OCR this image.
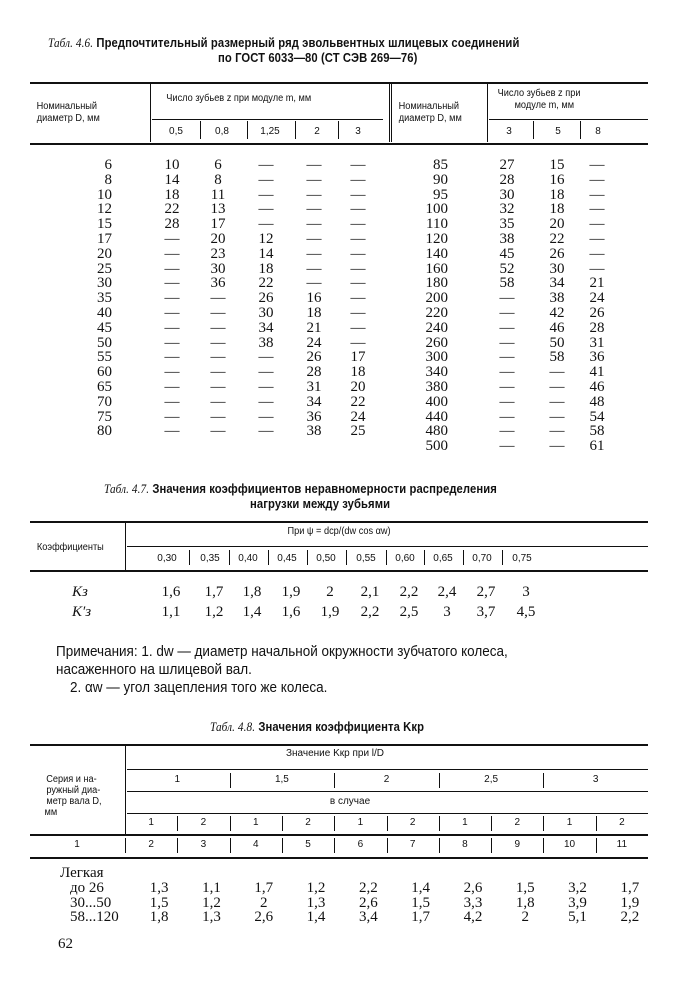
Табл. 4.6. Предпочтительный размерный ряд эвольвентных шлицевых соединений
по ГОСТ 6033—80 (СТ СЭВ 269—76)
Номинальный
диаметр D, мм
Число зубьев z при модуле m, мм
Номинальный
диаметр D, мм
Число зубьев z при
модуле m, мм
0,5	0,8	1,25	2	3	3	5	8
6	10 6 — — —
8	14 8 — — —
10	18 11 — — —
12	22 13 — — —
15	28 17 — — —
17	— 20 12 — —
20	— 23 14 — —
25	— 30 18 — —
30	— 36 22 — —
35	— — 26 16 —
40	— — 30 18 —
45	— — 34 21 —
50	— — 38 24 —
55	— — — 26 17
60	— — — 28 18
65	— — — 31 20
70	— — — 34 22
75	— — — 36 24
80	— — — 38 25
85	27 15 —
90	28 16 —
95	30 18 —
100	32 18 —
110	35 20 —
120	38 22 —
140	45 26 —
160	52 30 —
180	58 34 21
200	— 38 24
220	— 42 26
240	— 46 28
260	— 50 31
300	— 58 36
340	— — 41
380	— — 46
400	— — 48
440	— — 54
480	— — 58
500	— — 61
Табл. 4.7. Значения коэффициентов неравномерности распределения
нагрузки между зубьями
Коэффициенты
При ψ = dср/(dw cos αw)
0,30 0,35 0,40 0,45 0,50 0,55 0,60 0,65 0,70 0,75
Kз	1,6 1,7 1,8 1,9 2 2,1 2,2 2,4 2,7 3
K′з	1,1 1,2 1,4 1,6 1,9 2,2 2,5 3 3,7 4,5
Примечания: 1. dw — диаметр начальной окружности зубчатого колеса,
насаженного на шлицевой вал.
2. αw — угол зацепления того же колеса.
Табл. 4.8. Значения коэффициента Kкр
Серия и на-
ружный диа-
метр вала D,
мм
1	1,5	2	2,5	3
1	2	1	2	1	2	1	2	1	2
1	2	3	4	5	6	7	8	9	10	11
Значение Kкр при l/D
в случае
Легкая
до 26	1,3 1,1 1,7 1,2 2,2 1,4 2,6 1,5 3,2 1,7
30...50	1,5 1,2	2	1,3 2,6 1,5 3,3 1,8 3,9 1,9
58...120 1,8 1,3 2,6 1,4 3,4 1,7 4,2	2	5,1 2,2
62
